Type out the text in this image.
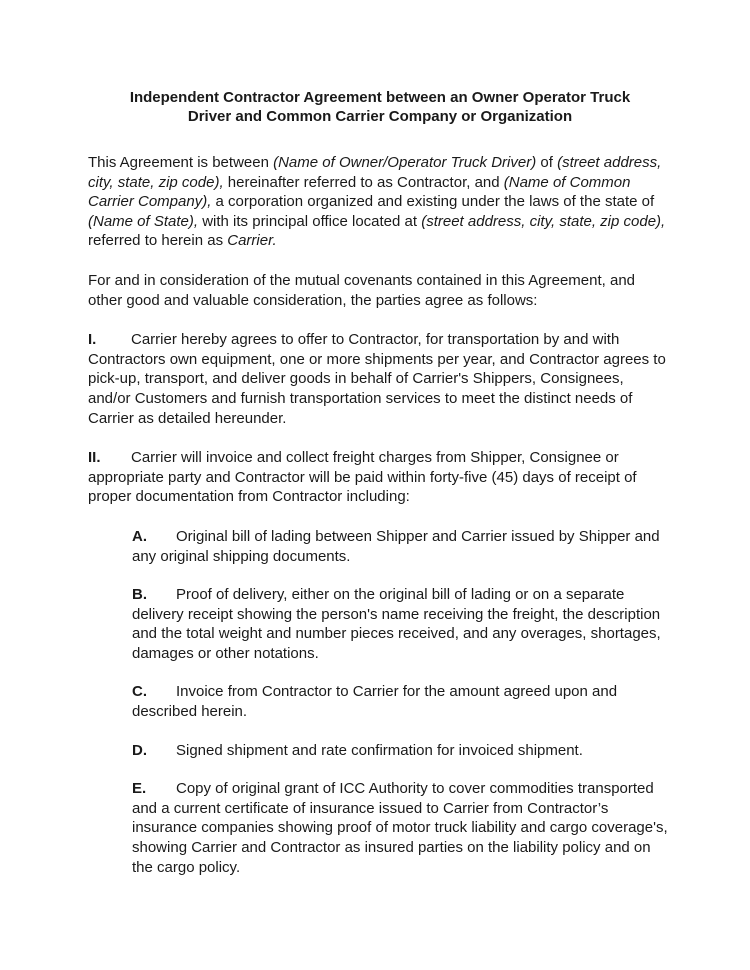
Independent Contractor Agreement between an Owner Operator Truck
Driver and Common Carrier Company or Organization

This Agreement is between (Name of Owner/Operator Truck Driver) of (street address, city, state, zip code), hereinafter referred to as Contractor, and (Name of Common Carrier Company), a corporation organized and existing under the laws of the state of (Name of State), with its principal office located at (street address, city, state, zip code), referred to herein as Carrier.

For and in consideration of the mutual covenants contained in this Agreement, and other good and valuable consideration, the parties agree as follows:

I. Carrier hereby agrees to offer to Contractor, for transportation by and with Contractors own equipment, one or more shipments per year, and Contractor agrees to pick-up, transport, and deliver goods in behalf of Carrier's Shippers, Consignees, and/or Customers and furnish transportation services to meet the distinct needs of Carrier as detailed hereunder.

II. Carrier will invoice and collect freight charges from Shipper, Consignee or appropriate party and Contractor will be paid within forty-five (45) days of receipt of proper documentation from Contractor including:

A. Original bill of lading between Shipper and Carrier issued by Shipper and any original shipping documents.

B. Proof of delivery, either on the original bill of lading or on a separate delivery receipt showing the person's name receiving the freight, the description and the total weight and number pieces received, and any overages, shortages, damages or other notations.

C. Invoice from Contractor to Carrier for the amount agreed upon and described herein.

D. Signed shipment and rate confirmation for invoiced shipment.

E. Copy of original grant of ICC Authority to cover commodities transported and a current certificate of insurance issued to Carrier from Contractor’s insurance companies showing proof of motor truck liability and cargo coverage's, showing Carrier and Contractor as insured parties on the liability policy and on the cargo policy.
